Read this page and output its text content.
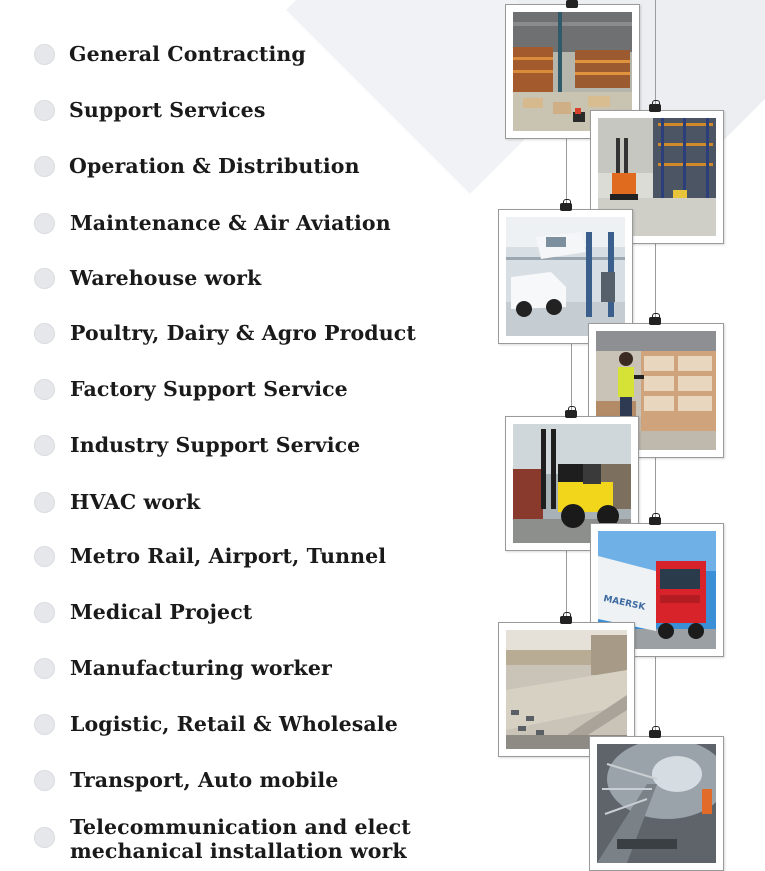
General Contracting
Support Services
Operation & Distribution
Maintenance & Air Aviation
Warehouse work
Poultry, Dairy & Agro Product
Factory Support Service
Industry Support Service
HVAC work
Metro Rail, Airport, Tunnel
Medical Project
Manufacturing worker
Logistic, Retail & Wholesale
Transport, Auto mobile
Telecommunication and elect mechanical installation work
MAERSK
